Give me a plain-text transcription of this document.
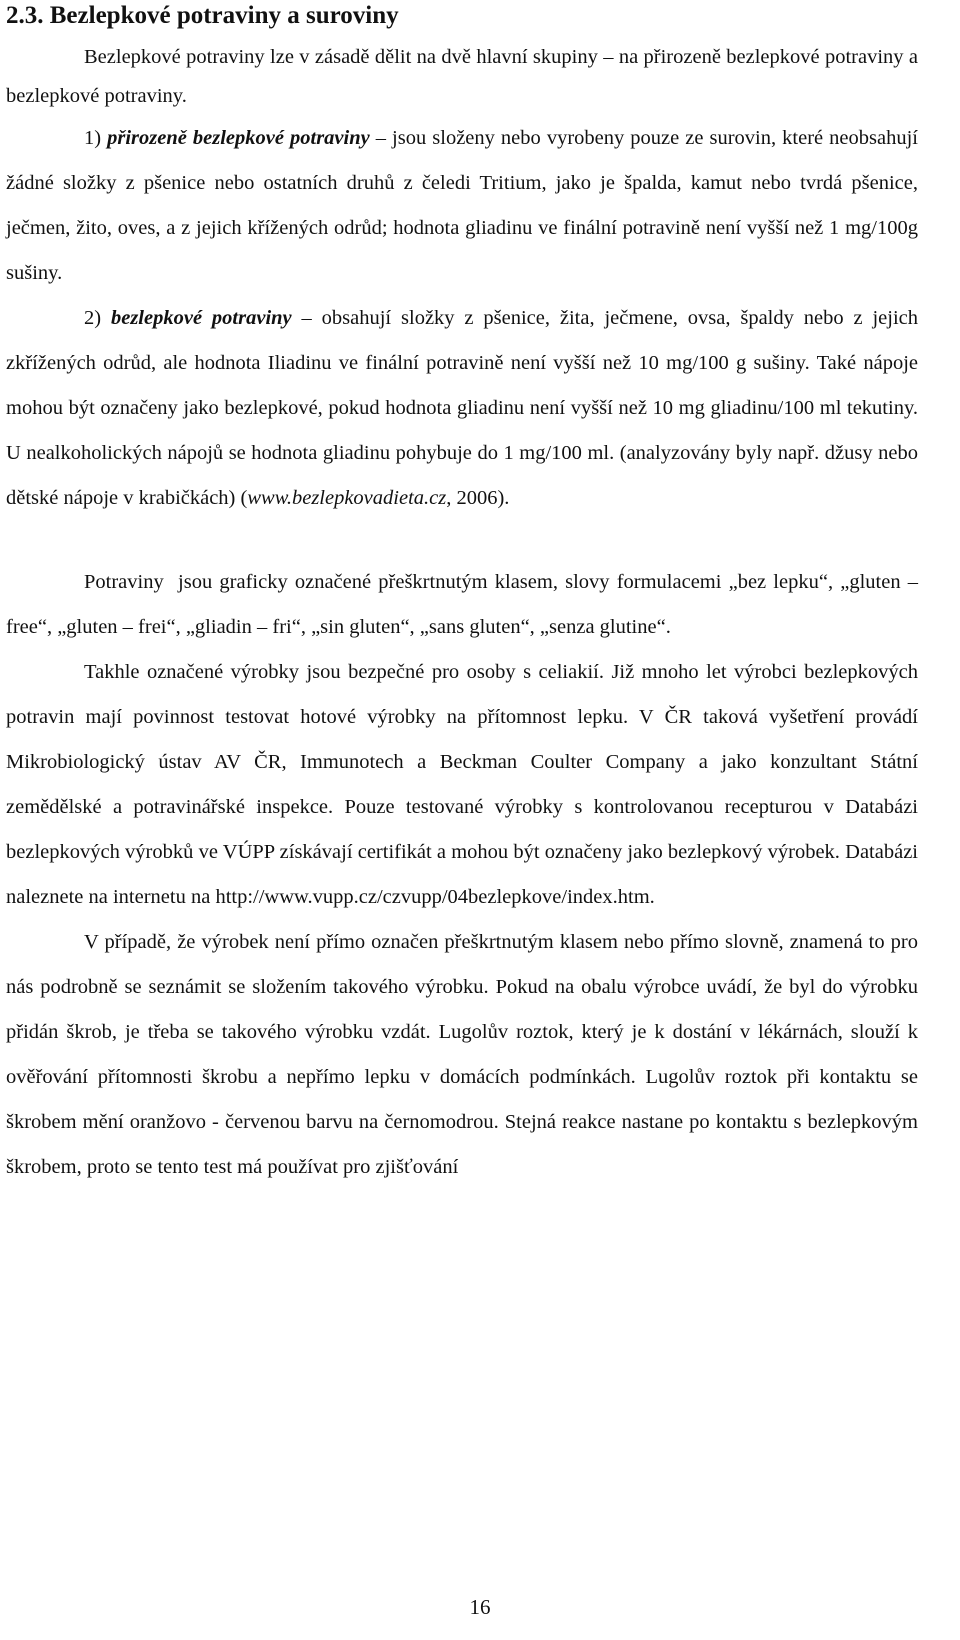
2.3. Bezlepkové potraviny a suroviny

Bezlepkové potraviny lze v zásadě dělit na dvě hlavní skupiny – na přirozeně bezlepkové potraviny a bezlepkové potraviny.

1) přirozeně bezlepkové potraviny – jsou složeny nebo vyrobeny pouze ze surovin, které neobsahují žádné složky z pšenice nebo ostatních druhů z čeledi Tritium, jako je špalda, kamut nebo tvrdá pšenice, ječmen, žito, oves, a z jejich křížených odrůd; hodnota gliadinu ve finální potravině není vyšší než 1 mg/100g sušiny.

2) bezlepkové potraviny – obsahují složky z pšenice, žita, ječmene, ovsa, špaldy nebo z jejich zkřížených odrůd, ale hodnota Iliadinu ve finální potravině není vyšší než 10 mg/100 g sušiny. Také nápoje mohou být označeny jako bezlepkové, pokud hodnota gliadinu není vyšší než 10 mg gliadinu/100 ml tekutiny. U nealkoholických nápojů se hodnota gliadinu pohybuje do 1 mg/100 ml. (analyzovány byly např. džusy nebo dětské nápoje v krabičkách) (www.bezlepkovadieta.cz, 2006).

Potraviny  jsou graficky označené přeškrtnutým klasem, slovy formulacemi „bez lepku“, „gluten – free“, „gluten – frei“, „gliadin – fri“, „sin gluten“, „sans gluten“, „senza glutine“.

Takhle označené výrobky jsou bezpečné pro osoby s celiakií. Již mnoho let výrobci bezlepkových potravin mají povinnost testovat hotové výrobky na přítomnost lepku. V ČR taková vyšetření provádí Mikrobiologický ústav AV ČR, Immunotech a Beckman Coulter Company a jako konzultant Státní zemědělské a potravinářské inspekce. Pouze testované výrobky s kontrolovanou recepturou v Databázi bezlepkových výrobků ve VÚPP získávají certifikát a mohou být označeny jako bezlepkový výrobek. Databázi naleznete na internetu na http://www.vupp.cz/czvupp/04bezlepkove/index.htm.

V případě, že výrobek není přímo označen přeškrtnutým klasem nebo přímo slovně, znamená to pro nás podrobně se seznámit se složením takového výrobku. Pokud na obalu výrobce uvádí, že byl do výrobku přidán škrob, je třeba se takového výrobku vzdát. Lugolův roztok, který je k dostání v lékárnách, slouží k ověřování přítomnosti škrobu a nepřímo lepku v domácích podmínkách. Lugolův roztok při kontaktu se škrobem mění oranžovo - červenou barvu na černomodrou. Stejná reakce nastane po kontaktu s bezlepkovým škrobem, proto se tento test má používat pro zjišťování

16
